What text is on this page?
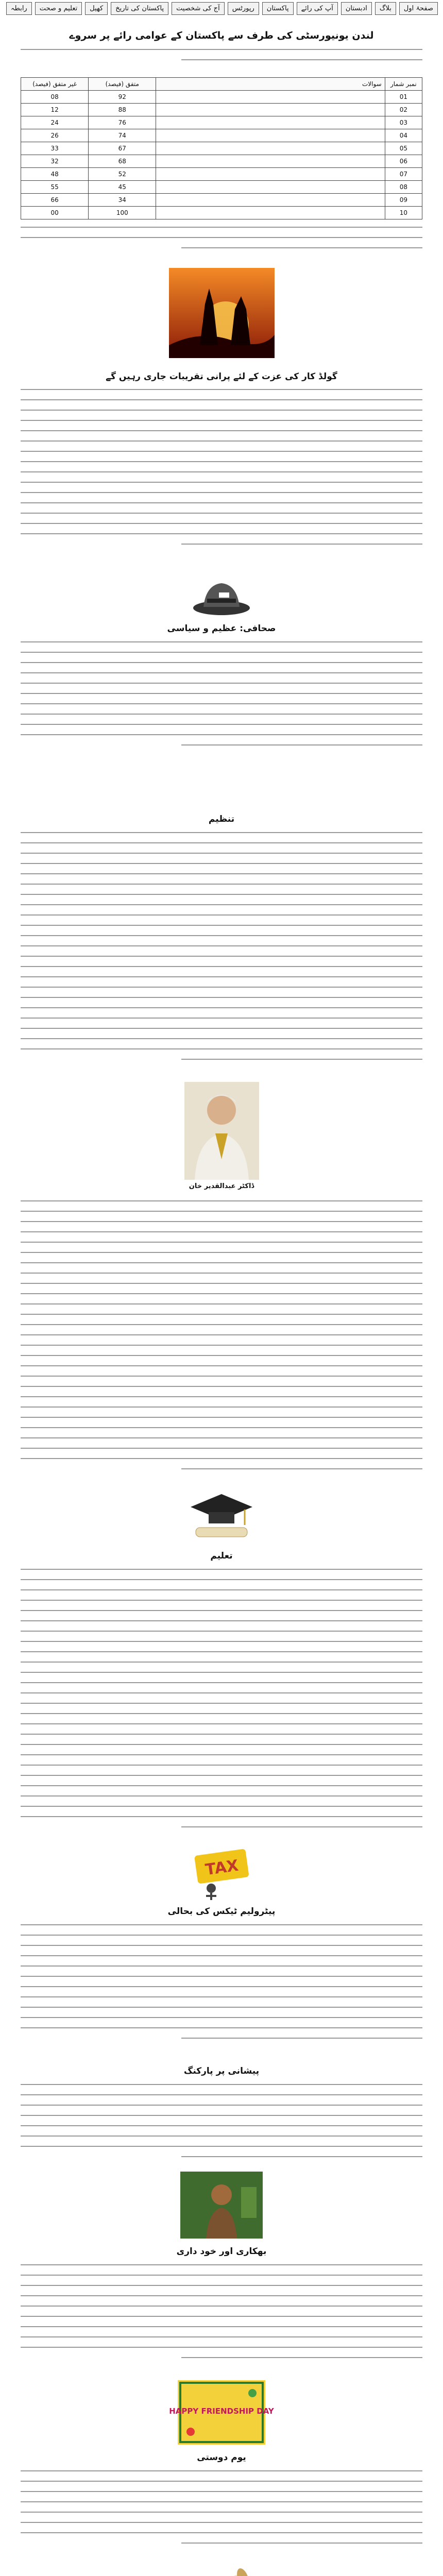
رابطہ	تعلیم و صحت	کھیل	پاکستان کی تاریخ	آج کی شخصیت	رپورٹس	پاکستان	آپ کی رائے	ادبستان	بلاگ	صفحۂ اول
لندن یونیورسٹی کی طرف سے پاکستان کے عوامی رائے پر سروے
نمبر شمار	سوالات	متفق (فیصد)	غیر متفق (فیصد)
01		92	08
02		88	12
03		76	24
04		74	26
05		67	33
06		68	32
07		52	48
08		45	55
09		34	66
10		100	00
گولڈ کار کی عزت کے لئے پرانی تقریبات جاری رہیں گے
صحافی: عظیم و سیاسی
تنظیم
ڈاکٹر عبدالقدیر خان
تعلیم
TAX
پیٹرولیم ٹیکس کی بحالی
پیشانی پر پارکنگ
بھکاری اور خود داری
HAPPY FRIENDSHIP DAY
یوم دوستی
